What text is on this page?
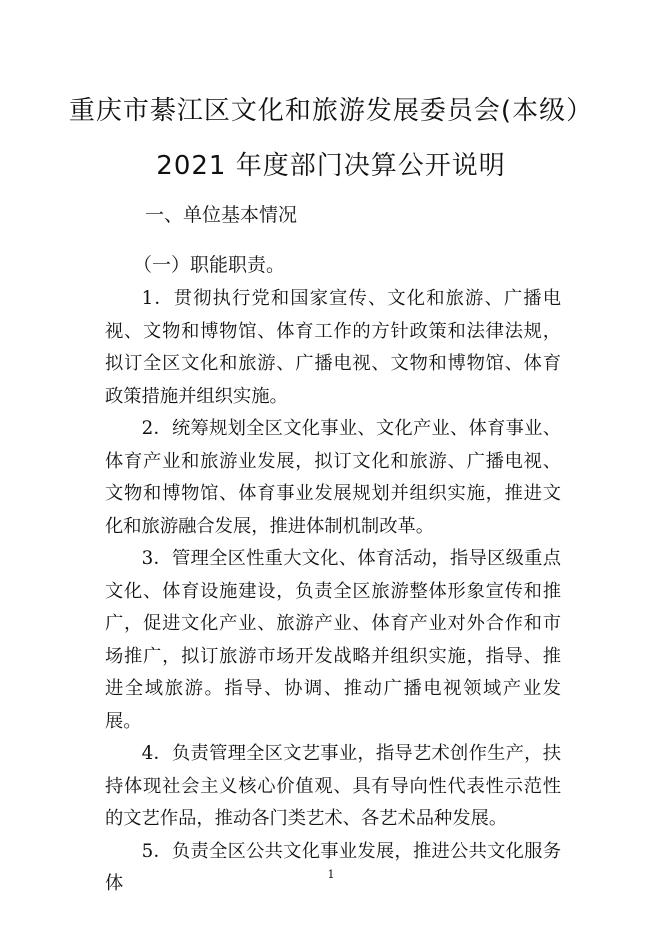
重庆市綦江区文化和旅游发展委员会(本级）
2021 年度部门决算公开说明
一、单位基本情况
（一）职能职责。

1．贯彻执行党和国家宣传、文化和旅游、广播电视、文物和博物馆、体育工作的方针政策和法律法规，拟订全区文化和旅游、广播电视、文物和博物馆、体育政策措施并组织实施。

2．统筹规划全区文化事业、文化产业、体育事业、体育产业和旅游业发展，拟订文化和旅游、广播电视、文物和博物馆、体育事业发展规划并组织实施，推进文化和旅游融合发展，推进体制机制改革。

3．管理全区性重大文化、体育活动，指导区级重点文化、体育设施建设，负责全区旅游整体形象宣传和推广，促进文化产业、旅游产业、体育产业对外合作和市场推广，拟订旅游市场开发战略并组织实施，指导、推进全域旅游。指导、协调、推动广播电视领域产业发展。

4．负责管理全区文艺事业，指导艺术创作生产，扶持体现社会主义核心价值观、具有导向性代表性示范性的文艺作品，推动各门类艺术、各艺术品种发展。

5．负责全区公共文化事业发展，推进公共文化服务体	1
